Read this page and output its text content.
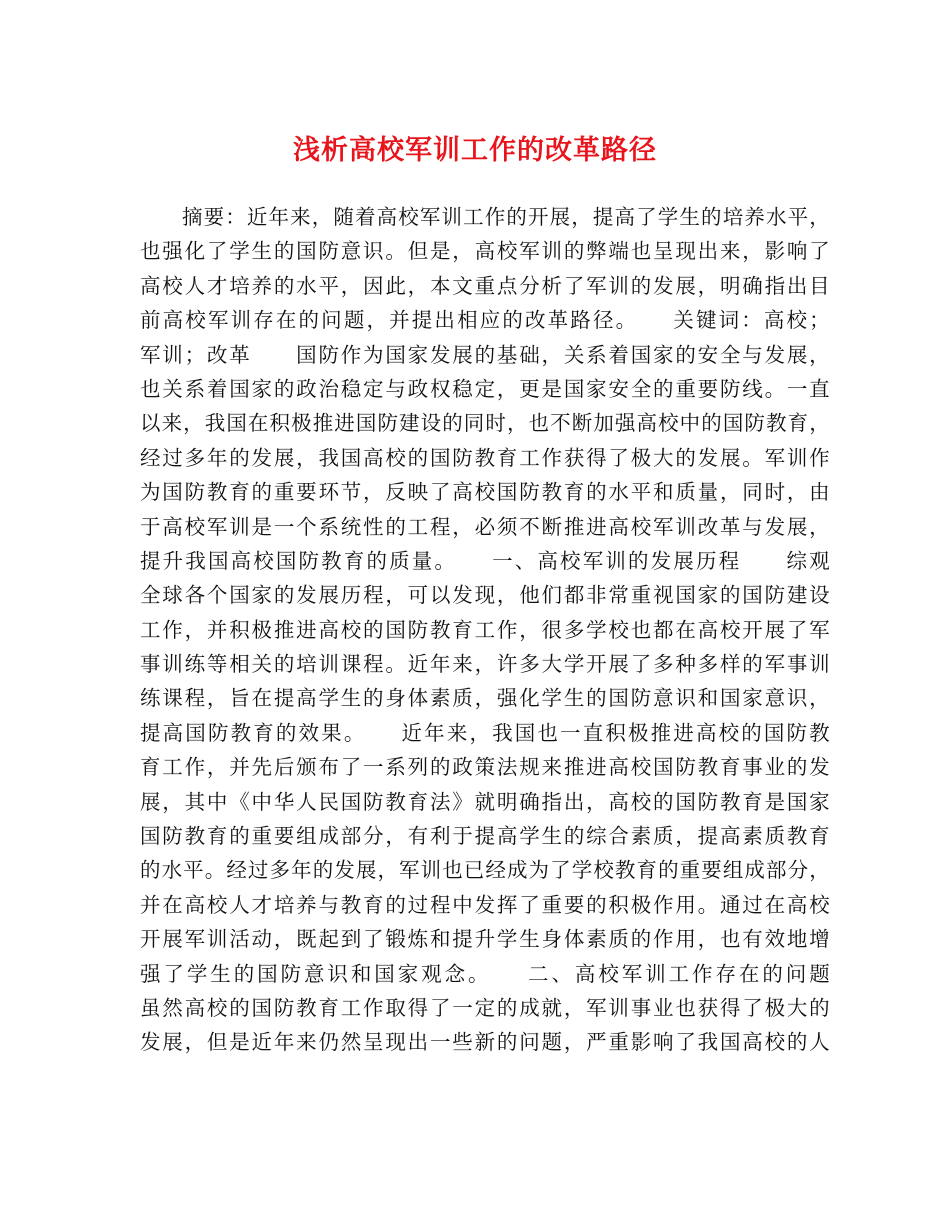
浅析高校军训工作的改革路径
摘要：近年来，随着高校军训工作的开展，提高了学生的培养水平，
也强化了学生的国防意识。但是，高校军训的弊端也呈现出来，影响了
高校人才培养的水平，因此，本文重点分析了军训的发展，明确指出目
前高校军训存在的问题，并提出相应的改革路径。　　关键词：高校；
军训；改革　　国防作为国家发展的基础，关系着国家的安全与发展，
也关系着国家的政治稳定与政权稳定，更是国家安全的重要防线。一直
以来，我国在积极推进国防建设的同时，也不断加强高校中的国防教育，
经过多年的发展，我国高校的国防教育工作获得了极大的发展。军训作
为国防教育的重要环节，反映了高校国防教育的水平和质量，同时，由
于高校军训是一个系统性的工程，必须不断推进高校军训改革与发展，
提升我国高校国防教育的质量。　　一、高校军训的发展历程　　综观
全球各个国家的发展历程，可以发现，他们都非常重视国家的国防建设
工作，并积极推进高校的国防教育工作，很多学校也都在高校开展了军
事训练等相关的培训课程。近年来，许多大学开展了多种多样的军事训
练课程，旨在提高学生的身体素质，强化学生的国防意识和国家意识，
提高国防教育的效果。　　近年来，我国也一直积极推进高校的国防教
育工作，并先后颁布了一系列的政策法规来推进高校国防教育事业的发
展，其中《中华人民国防教育法》就明确指出，高校的国防教育是国家
国防教育的重要组成部分，有利于提高学生的综合素质，提高素质教育
的水平。经过多年的发展，军训也已经成为了学校教育的重要组成部分，
并在高校人才培养与教育的过程中发挥了重要的积极作用。通过在高校
开展军训活动，既起到了锻炼和提升学生身体素质的作用，也有效地增
强了学生的国防意识和国家观念。　　二、高校军训工作存在的问题
虽然高校的国防教育工作取得了一定的成就，军训事业也获得了极大的
发展，但是近年来仍然呈现出一些新的问题，严重影响了我国高校的人
